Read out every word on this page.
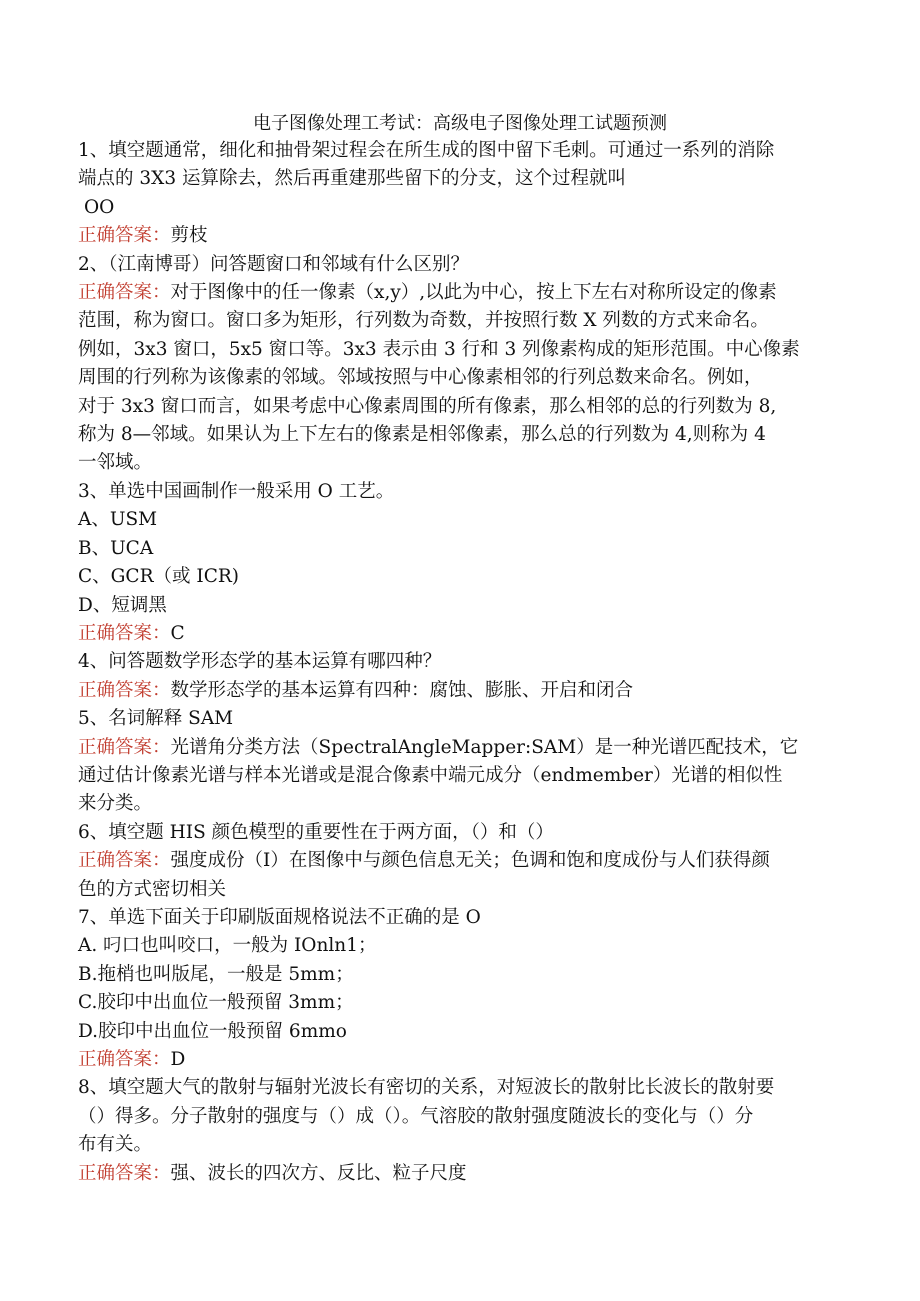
电子图像处理工考试：高级电子图像处理工试题预测
1、填空题通常，细化和抽骨架过程会在所生成的图中留下毛刺。可通过一系列的消除
端点的 3X3 运算除去，然后再重建那些留下的分支，这个过程就叫
OO
正确答案：剪枝
2、（江南博哥）问答题窗口和邻域有什么区别？
正确答案：对于图像中的任一像素（x,y）,以此为中心，按上下左右对称所设定的像素
范围，称为窗口。窗口多为矩形，行列数为奇数，并按照行数 X 列数的方式来命名。
例如，3x3 窗口，5x5 窗口等。3x3 表示由 3 行和 3 列像素构成的矩形范围。中心像素
周围的行列称为该像素的邻域。邻域按照与中心像素相邻的行列总数来命名。例如，
对于 3x3 窗口而言，如果考虑中心像素周围的所有像素，那么相邻的总的行列数为 8,
称为 8—邻域。如果认为上下左右的像素是相邻像素，那么总的行列数为 4,则称为 4
一邻域。
3、单选中国画制作一般采用 O 工艺。
A、USM
B、UCA
C、GCR（或 ICR)
D、短调黑
正确答案：C
4、问答题数学形态学的基本运算有哪四种？
正确答案：数学形态学的基本运算有四种：腐蚀、膨胀、开启和闭合
5、名词解释 SAM
正确答案：光谱角分类方法（SpectralAngleMapper:SAM）是一种光谱匹配技术，它
通过估计像素光谱与样本光谱或是混合像素中端元成分（endmember）光谱的相似性
来分类。
6、填空题 HIS 颜色模型的重要性在于两方面，（）和（）
正确答案：强度成份（I）在图像中与颜色信息无关；色调和饱和度成份与人们获得颜
色的方式密切相关
7、单选下面关于印刷版面规格说法不正确的是 O
A. 叼口也叫咬口，一般为 IOnln1；
B.拖梢也叫版尾，一般是 5mm；
C.胶印中出血位一般预留 3mm；
D.胶印中出血位一般预留 6mmo
正确答案：D
8、填空题大气的散射与辐射光波长有密切的关系，对短波长的散射比长波长的散射要
（）得多。分子散射的强度与（）成（）。气溶胶的散射强度随波长的变化与（）分
布有关。
正确答案：强、波长的四次方、反比、粒子尺度
